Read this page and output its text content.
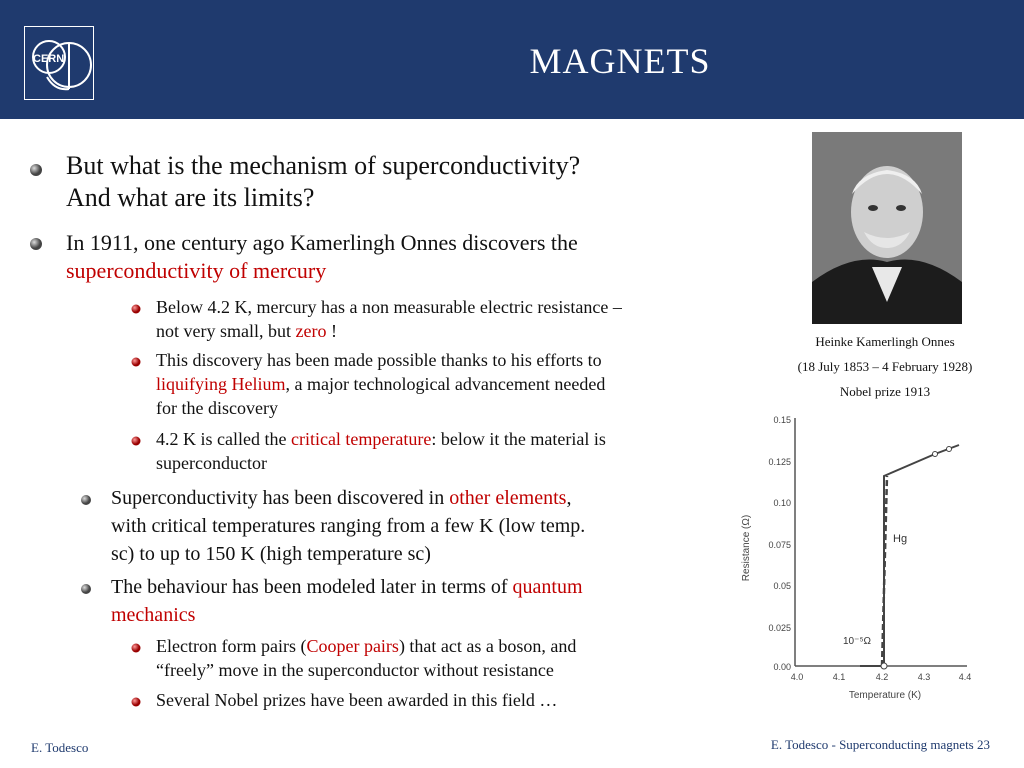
CERN	MAGNETS
But what is the mechanism of superconductivity?
And what are its limits?
In 1911, one century ago Kamerlingh Onnes discovers the
superconductivity of mercury
Below 4.2 K, mercury has a non measurable electric resistance –
not very small, but zero !
This discovery has been made possible thanks to his efforts to
liquifying Helium, a major technological advancement needed
for the discovery
4.2 K is called the critical temperature: below it the material is
superconductor
Superconductivity has been discovered in other elements,
with critical temperatures ranging from a few K (low temp.
sc) to up to 150 K (high temperature sc)
The behaviour has been modeled later in terms of quantum
mechanics
Electron form pairs (Cooper pairs) that act as a boson, and
“freely” move in the superconductor without resistance
Several Nobel prizes have been awarded in this field …
Heinke Kamerlingh Onnes
(18 July 1853 – 4 February 1928)
Nobel prize 1913
0.15
0.125
0.10
0.075
0.05
0.025
0.00
4.0	4.1	4.2	4.3	4.4
Resistance (Ω)
Temperature (K)
Hg
10⁻⁵Ω
E. Todesco	E. Todesco - Superconducting magnets 23
